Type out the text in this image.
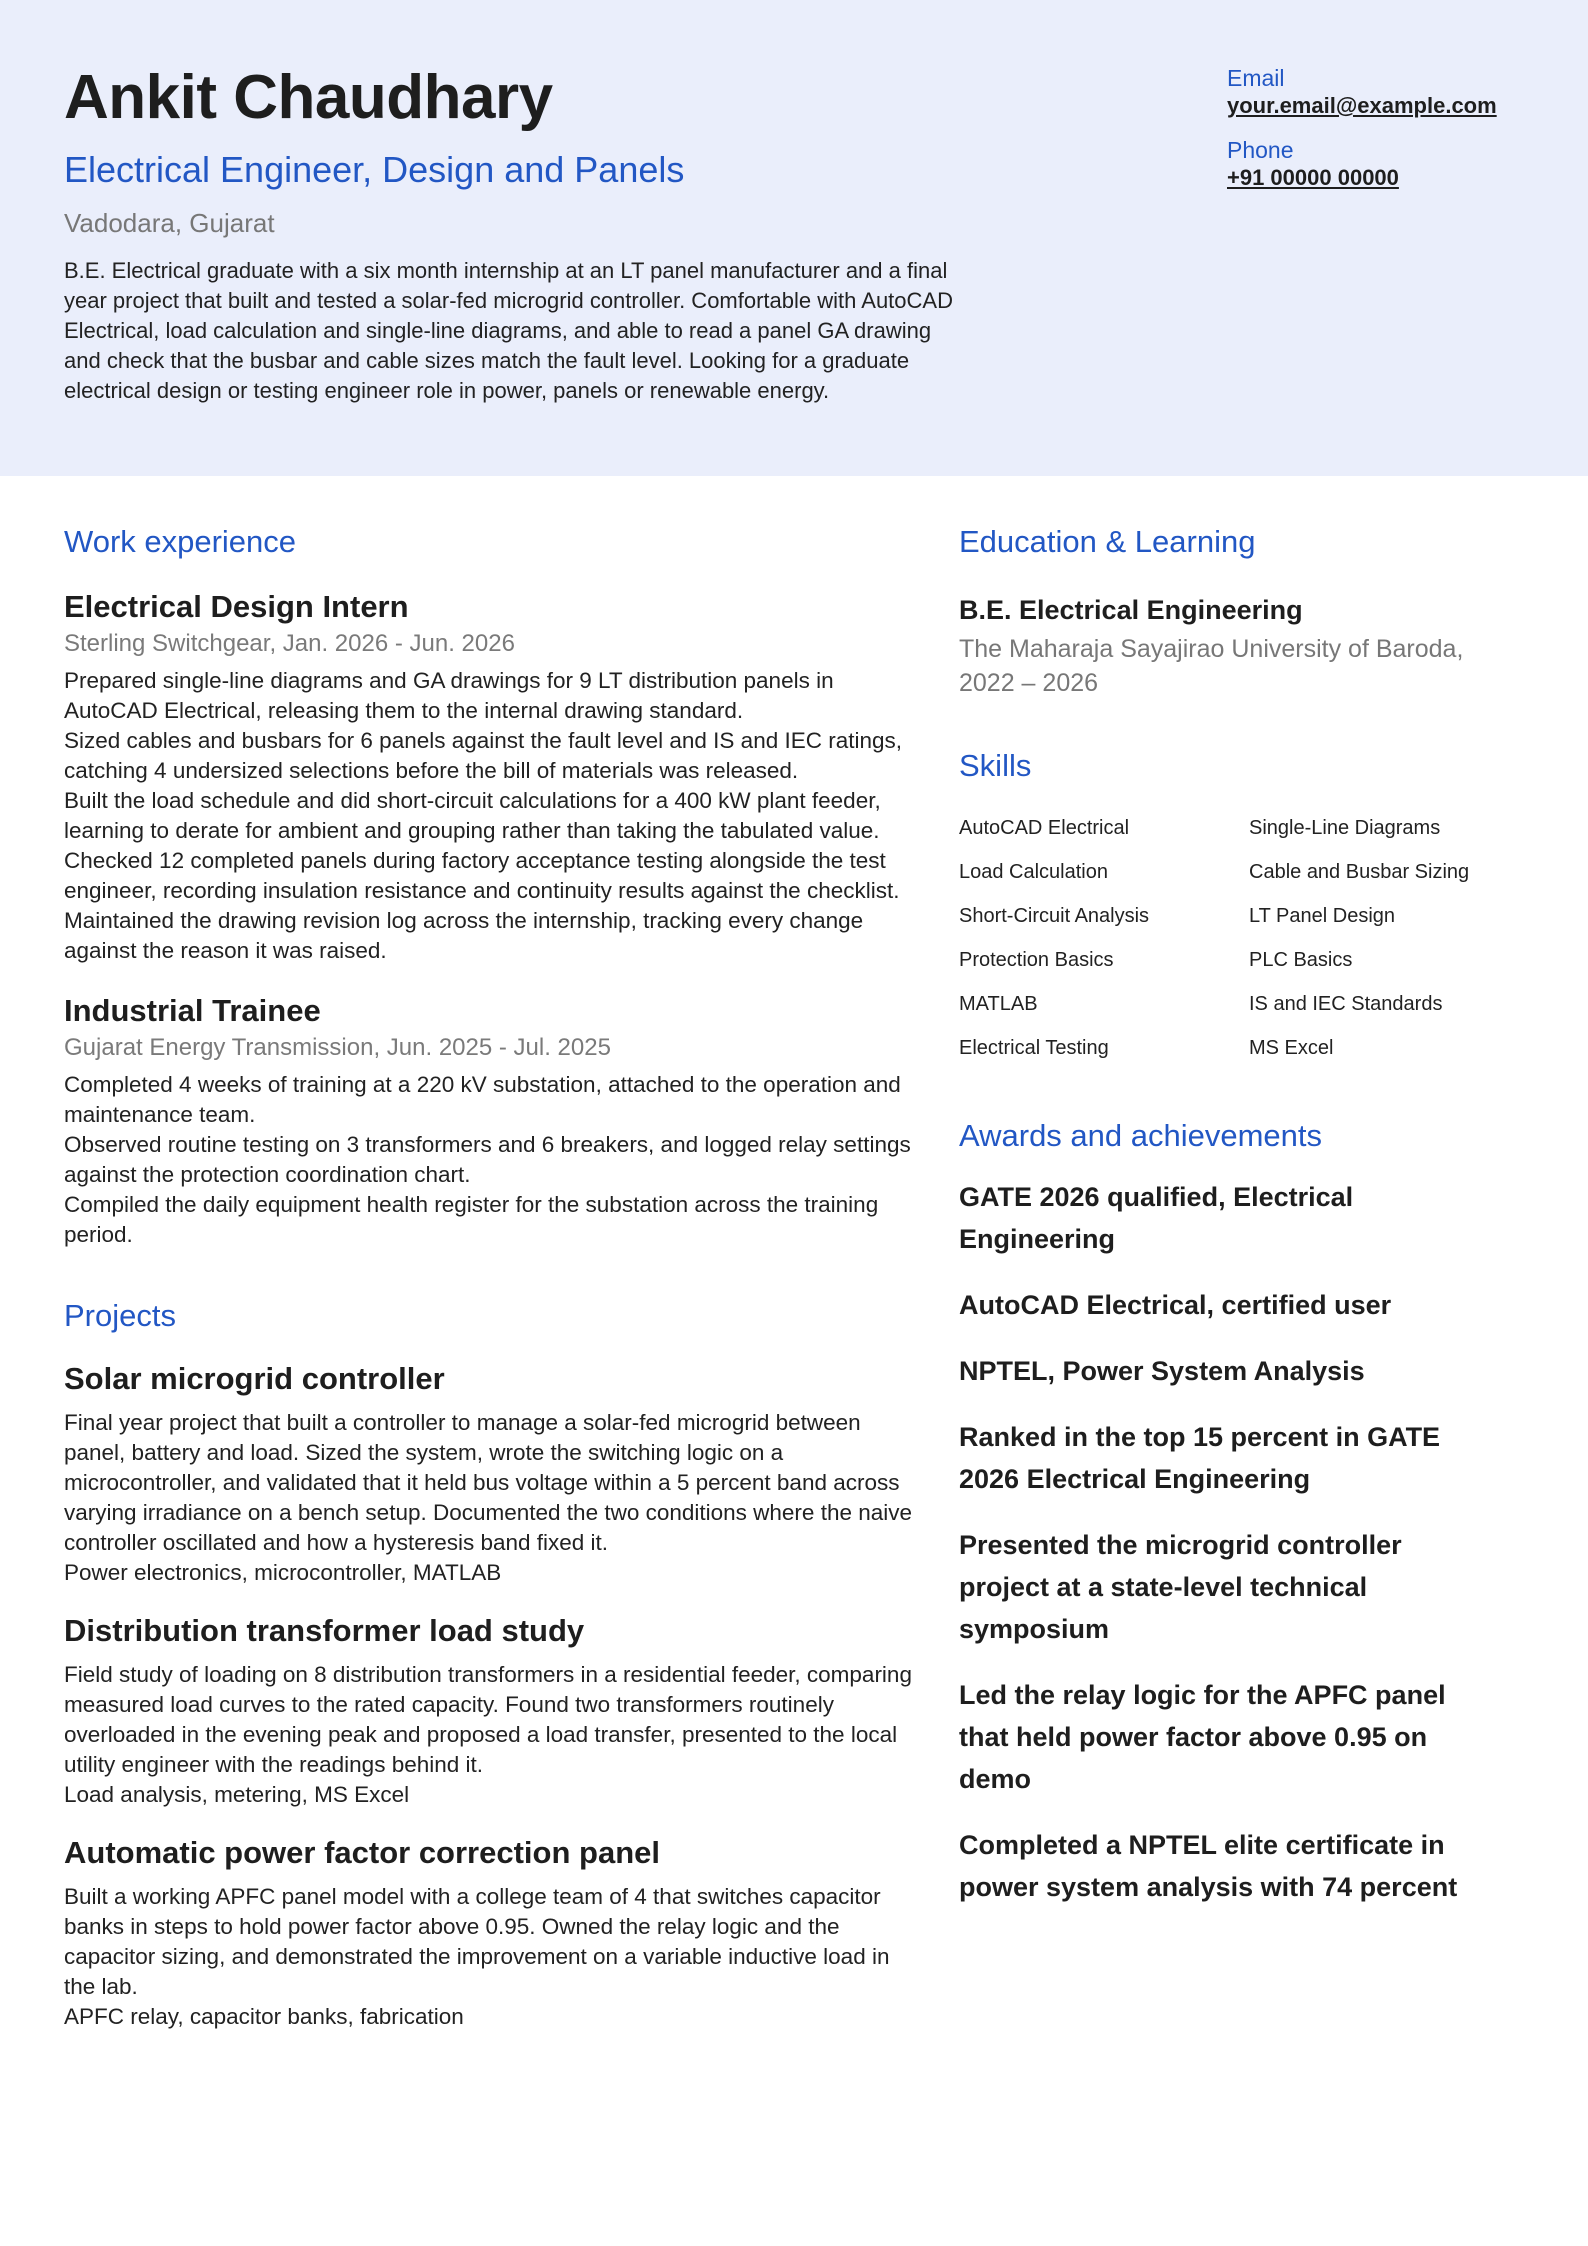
Ankit Chaudhary
Electrical Engineer, Design and Panels
Vadodara, Gujarat

B.E. Electrical graduate with a six month internship at an LT panel manufacturer and a final year project that built and tested a solar-fed microgrid controller. Comfortable with AutoCAD Electrical, load calculation and single-line diagrams, and able to read a panel GA drawing and check that the busbar and cable sizes match the fault level. Looking for a graduate electrical design or testing engineer role in power, panels or renewable energy.

Email
your.email@example.com
Phone
+91 00000 00000
Work experience
Electrical Design Intern
Sterling Switchgear, Jan. 2026 - Jun. 2026

Prepared single-line diagrams and GA drawings for 9 LT distribution panels in AutoCAD Electrical, releasing them to the internal drawing standard.

Sized cables and busbars for 6 panels against the fault level and IS and IEC ratings, catching 4 undersized selections before the bill of materials was released.

Built the load schedule and did short-circuit calculations for a 400 kW plant feeder, learning to derate for ambient and grouping rather than taking the tabulated value.

Checked 12 completed panels during factory acceptance testing alongside the test engineer, recording insulation resistance and continuity results against the checklist.

Maintained the drawing revision log across the internship, tracking every change against the reason it was raised.

Industrial Trainee
Gujarat Energy Transmission, Jun. 2025 - Jul. 2025

Completed 4 weeks of training at a 220 kV substation, attached to the operation and maintenance team.

Observed routine testing on 3 transformers and 6 breakers, and logged relay settings against the protection coordination chart.

Compiled the daily equipment health register for the substation across the training period.

Projects
Solar microgrid controller

Final year project that built a controller to manage a solar-fed microgrid between panel, battery and load. Sized the system, wrote the switching logic on a microcontroller, and validated that it held bus voltage within a 5 percent band across varying irradiance on a bench setup. Documented the two conditions where the naive controller oscillated and how a hysteresis band fixed it.

Power electronics, microcontroller, MATLAB

Distribution transformer load study

Field study of loading on 8 distribution transformers in a residential feeder, comparing measured load curves to the rated capacity. Found two transformers routinely overloaded in the evening peak and proposed a load transfer, presented to the local utility engineer with the readings behind it.

Load analysis, metering, MS Excel

Automatic power factor correction panel

Built a working APFC panel model with a college team of 4 that switches capacitor banks in steps to hold power factor above 0.95. Owned the relay logic and the capacitor sizing, and demonstrated the improvement on a variable inductive load in the lab.

APFC relay, capacitor banks, fabrication

Education & Learning
B.E. Electrical Engineering
The Maharaja Sayajirao University of Baroda, 2022 – 2026
Skills
AutoCAD Electrical	Single-Line Diagrams
Load Calculation	Cable and Busbar Sizing
Short-Circuit Analysis	LT Panel Design
Protection Basics	PLC Basics
MATLAB	IS and IEC Standards
Electrical Testing	MS Excel
Awards and achievements
GATE 2026 qualified, Electrical Engineering
AutoCAD Electrical, certified user
NPTEL, Power System Analysis
Ranked in the top 15 percent in GATE 2026 Electrical Engineering
Presented the microgrid controller project at a state-level technical symposium
Led the relay logic for the APFC panel that held power factor above 0.95 on demo
Completed a NPTEL elite certificate in power system analysis with 74 percent
